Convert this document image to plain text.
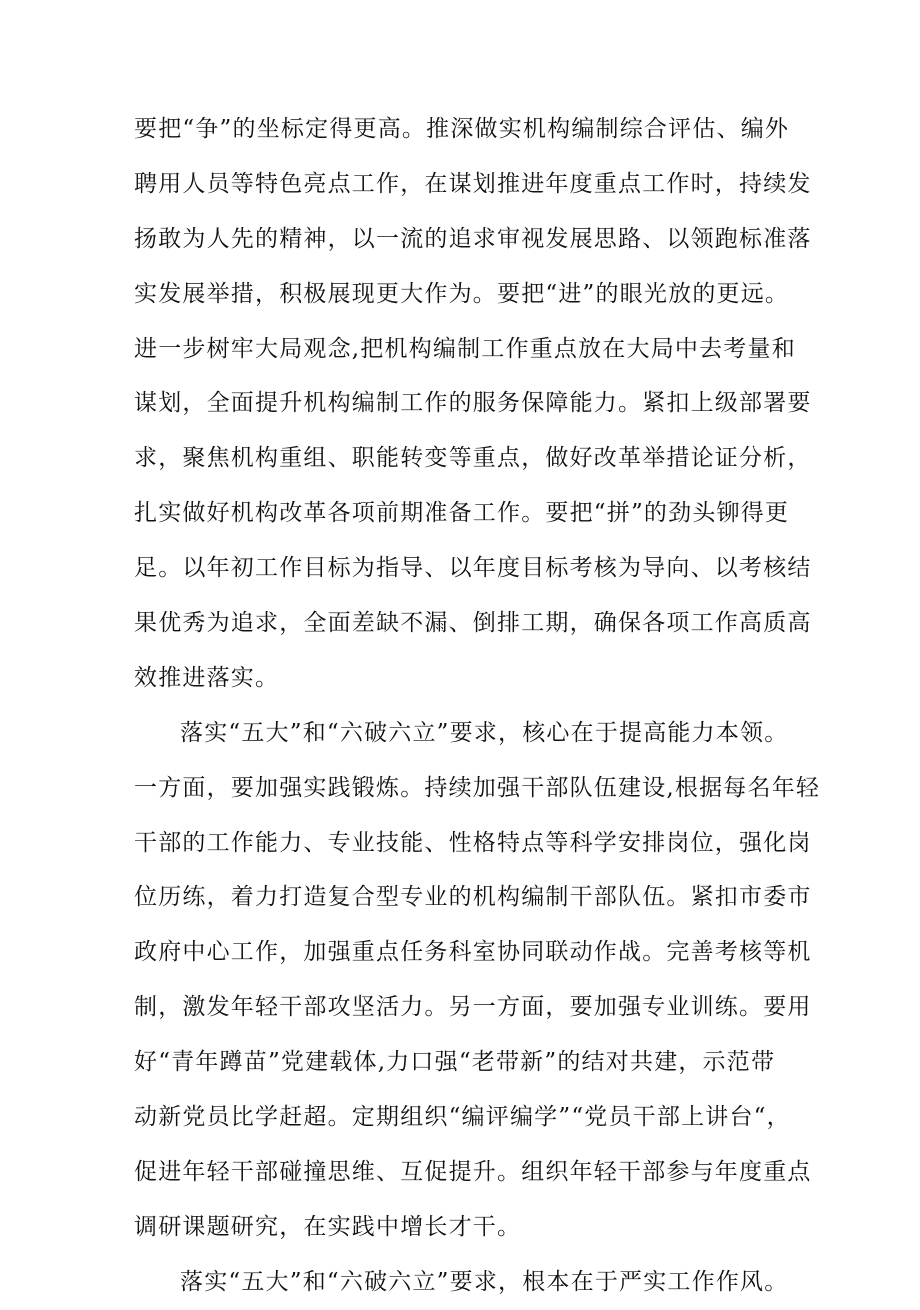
要把“争”的坐标定得更高。推深做实机构编制综合评估、编外
聘用人员等特色亮点工作，在谋划推进年度重点工作时，持续发
扬敢为人先的精神，以一流的追求审视发展思路、以领跑标准落
实发展举措，积极展现更大作为。要把“进”的眼光放的更远。
进一步树牢大局观念,把机构编制工作重点放在大局中去考量和
谋划，全面提升机构编制工作的服务保障能力。紧扣上级部署要
求，聚焦机构重组、职能转变等重点，做好改革举措论证分析，
扎实做好机构改革各项前期准备工作。要把“拼”的劲头铆得更
足。以年初工作目标为指导、以年度目标考核为导向、以考核结
果优秀为追求，全面差缺不漏、倒排工期，确保各项工作高质高
效推进落实。
落实“五大”和“六破六立”要求，核心在于提高能力本领。
一方面，要加强实践锻炼。持续加强干部队伍建设,根据每名年轻
干部的工作能力、专业技能、性格特点等科学安排岗位，强化岗
位历练，着力打造复合型专业的机构编制干部队伍。紧扣市委市
政府中心工作，加强重点任务科室协同联动作战。完善考核等机
制，激发年轻干部攻坚活力。另一方面，要加强专业训练。要用
好“青年蹲苗”党建载体,力口强“老带新”的结对共建，示范带
动新党员比学赶超。定期组织“编评编学”“党员干部上讲台“，
促进年轻干部碰撞思维、互促提升。组织年轻干部参与年度重点
调研课题研究，在实践中增长才干。
落实“五大”和“六破六立”要求，根本在于严实工作作风。
